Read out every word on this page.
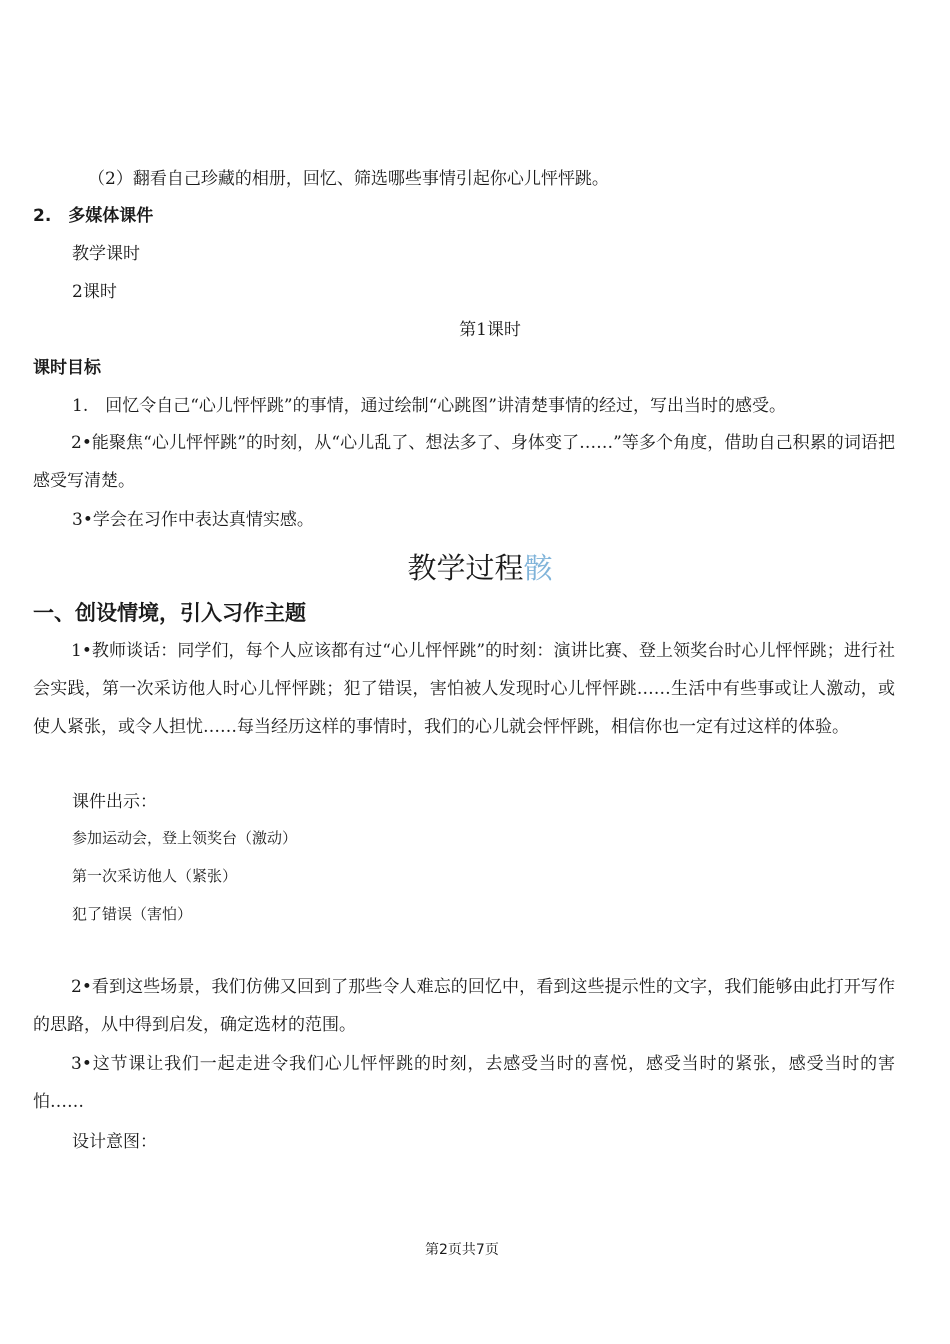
（2）翻看自己珍藏的相册，回忆、筛选哪些事情引起你心儿怦怦跳。
2.　多媒体课件
教学课时
2课时
第1课时
课时目标
1.　回忆令自己“心儿怦怦跳”的事情，通过绘制“心跳图”讲清楚事情的经过，写出当时的感受。
2•能聚焦“心儿怦怦跳”的时刻，从“心儿乱了、想法多了、身体变了……”等多个角度，借助自己积累的词语把感受写清楚。
3•学会在习作中表达真情实感。
教学过程骸
一、创设情境，引入习作主题
1•教师谈话：同学们，每个人应该都有过“心儿怦怦跳”的时刻：演讲比赛、登上领奖台时心儿怦怦跳；进行社会实践，第一次采访他人时心儿怦怦跳；犯了错误，害怕被人发现时心儿怦怦跳……生活中有些事或让人激动，或使人紧张，或令人担忧……每当经历这样的事情时，我们的心儿就会怦怦跳，相信你也一定有过这样的体验。
课件出示：
参加运动会，登上领奖台（激动）
第一次采访他人（紧张）
犯了错误（害怕）
2•看到这些场景，我们仿佛又回到了那些令人难忘的回忆中，看到这些提示性的文字，我们能够由此打开写作的思路，从中得到启发，确定选材的范围。
3•这节课让我们一起走进令我们心儿怦怦跳的时刻，去感受当时的喜悦，感受当时的紧张，感受当时的害怕……
设计意图：
第2页共7页
